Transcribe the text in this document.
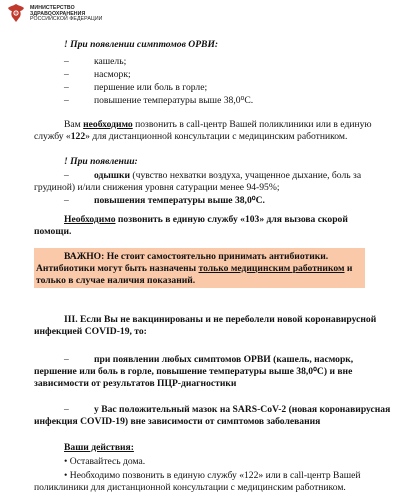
МИНИСТЕРСТВО
ЗДРАВООХРАНЕНИЯ
РОССИЙСКОЙ ФЕДЕРАЦИИ
! При появлении симптомов ОРВИ:
–	кашель;
–	насморк;
–	першение или боль в горле;
–	повышение температуры выше 38,0⁰С.
Вам необходимо позвонить в call-центр Вашей поликлиники или в единую
службу «122» для дистанционной консультации с медицинским работником.
! При появлении:
–	одышки (чувство нехватки воздуха, учащенное дыхание, боль за
грудиной) и/или снижения уровня сатурации менее 94-95%;
–	повышения температуры выше 38,0⁰С.
Необходимо позвонить в единую службу «103» для вызова скорой
помощи.
ВАЖНО: Не стоит самостоятельно принимать антибиотики.
Антибиотики могут быть назначены только медицинским работником и
только в случае наличия показаний.
III. Если Вы не вакцинированы и не переболели новой коронавирусной
инфекцией COVID-19, то:
–	при появлении любых симптомов ОРВИ (кашель, насморк,
першение или боль в горле, повышение температуры выше 38,0⁰С) и вне
зависимости от результатов ПЦР-диагностики
–	у Вас положительный мазок на SARS-CoV-2 (новая коронавирусная
инфекция COVID-19) вне зависимости от симптомов заболевания
Ваши действия:
• Оставайтесь дома.
• Необходимо позвонить в единую службу «122» или в call-центр Вашей
поликлиники для дистанционной консультации с медицинским работником.
